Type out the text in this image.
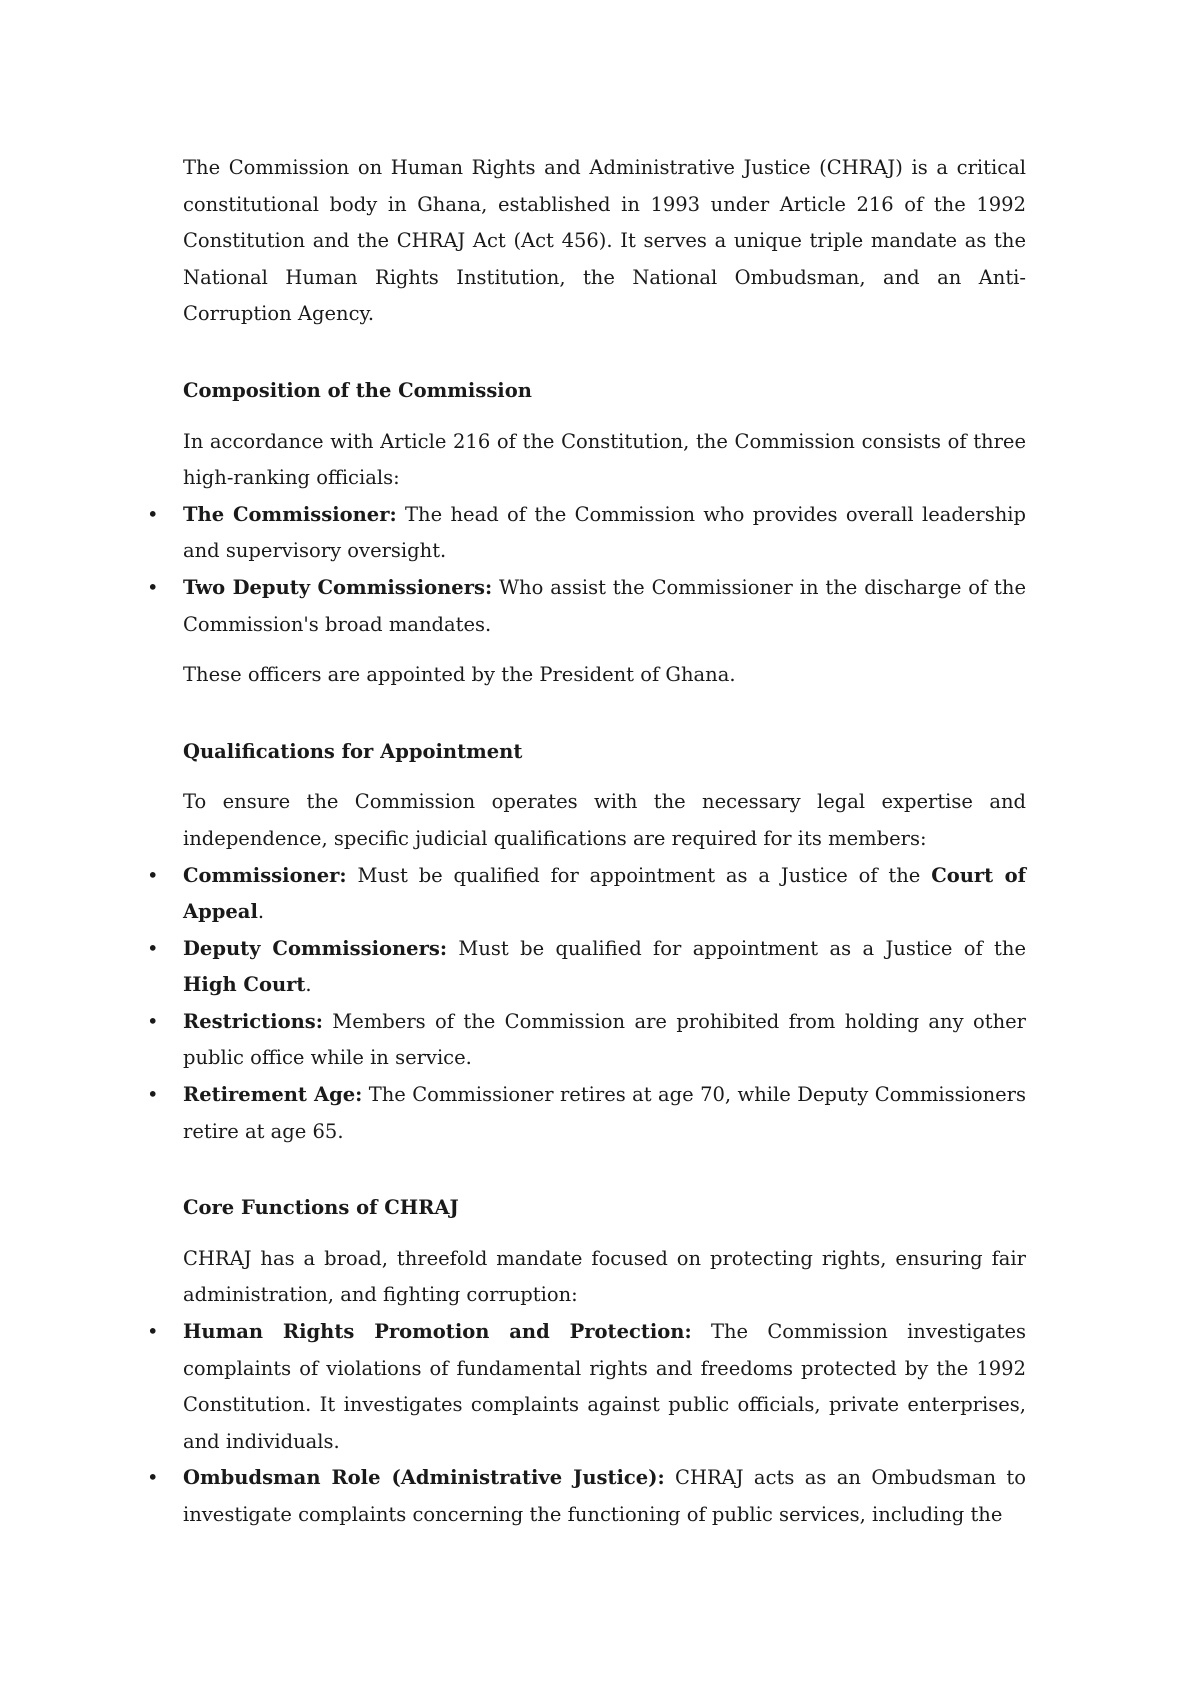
The Commission on Human Rights and Administrative Justice (CHRAJ) is a critical constitutional body in Ghana, established in 1993 under Article 216 of the 1992 Constitution and the CHRAJ Act (Act 456). It serves a unique triple mandate as the National Human Rights Institution, the National Ombudsman, and an Anti-Corruption Agency.

Composition of the Commission

In accordance with Article 216 of the Constitution, the Commission consists of three high-ranking officials:

• The Commissioner: The head of the Commission who provides overall leadership and supervisory oversight.

• Two Deputy Commissioners: Who assist the Commissioner in the discharge of the Commission's broad mandates.

These officers are appointed by the President of Ghana.

Qualifications for Appointment

To ensure the Commission operates with the necessary legal expertise and independence, specific judicial qualifications are required for its members:

• Commissioner: Must be qualified for appointment as a Justice of the Court of Appeal.

• Deputy Commissioners: Must be qualified for appointment as a Justice of the High Court.

• Restrictions: Members of the Commission are prohibited from holding any other public office while in service.

• Retirement Age: The Commissioner retires at age 70, while Deputy Commissioners retire at age 65.

Core Functions of CHRAJ

CHRAJ has a broad, threefold mandate focused on protecting rights, ensuring fair administration, and fighting corruption:

• Human Rights Promotion and Protection: The Commission investigates complaints of violations of fundamental rights and freedoms protected by the 1992 Constitution. It investigates complaints against public officials, private enterprises, and individuals.

• Ombudsman Role (Administrative Justice): CHRAJ acts as an Ombudsman to investigate complaints concerning the functioning of public services, including the
